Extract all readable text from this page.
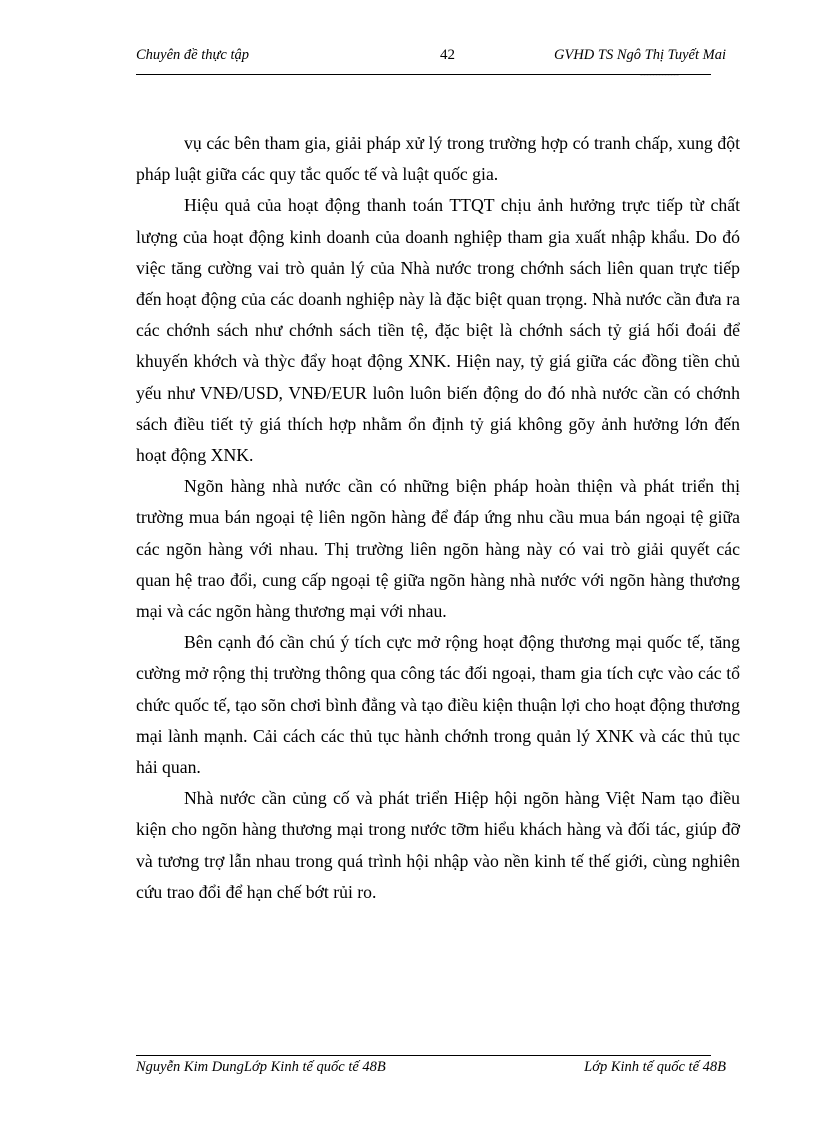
Chuyên đề thực tập	42	GVHD TS Ngô Thị Tuyết Mai
-------------

vụ các bên tham gia, giải pháp xử lý trong trường hợp có tranh chấp, xung đột pháp luật giữa các quy tắc quốc tế và luật quốc gia.

Hiệu quả của hoạt động thanh toán TTQT chịu ảnh hưởng trực tiếp từ chất lượng của hoạt động kinh doanh của doanh nghiệp tham gia xuất nhập khẩu. Do đó việc tăng cường vai trò quản lý của Nhà nước trong chớnh sách liên quan trực tiếp đến hoạt động của các doanh nghiệp này là đặc biệt quan trọng. Nhà nước cần đưa ra các chớnh sách như chớnh sách tiền tệ, đặc biệt là chớnh sách tỷ giá hối đoái để khuyến khớch và thỳc đẩy hoạt động XNK. Hiện nay, tỷ giá giữa các đồng tiền chủ yếu như VNĐ/USD, VNĐ/EUR luôn luôn biến động do đó nhà nước cần có chớnh sách điều tiết tỷ giá thích hợp nhằm ổn định tỷ giá không gõy ảnh hưởng lớn đến hoạt động XNK.

Ngõn hàng nhà nước cần có những biện pháp hoàn thiện và phát triển thị trường mua bán ngoại tệ liên ngõn hàng để đáp ứng nhu cầu mua bán ngoại tệ giữa các ngõn hàng với nhau. Thị trường liên ngõn hàng này có vai trò giải quyết các quan hệ trao đổi, cung cấp ngoại tệ giữa ngõn hàng nhà nước với ngõn hàng thương mại và các ngõn hàng thương mại với nhau.

Bên cạnh đó cần chú ý tích cực mở rộng hoạt động thương mại quốc tế, tăng cường mở rộng thị trường thông qua công tác đối ngoại, tham gia tích cực vào các tổ chức quốc tế, tạo sõn chơi bình đẳng và tạo điều kiện thuận lợi cho hoạt động thương mại lành mạnh. Cải cách các thủ tục hành chớnh trong quản lý XNK và các thủ tục hải quan.

Nhà nước cần củng cố và phát triển Hiệp hội ngõn hàng Việt Nam tạo điều kiện cho ngõn hàng thương mại trong nước tỡm hiểu khách hàng và đối tác, giúp đỡ và tương trợ lẫn nhau trong quá trình hội nhập vào nền kinh tế thế giới, cùng nghiên cứu trao đổi để hạn chế bớt rủi ro.

Nguyễn Kim DungLớp Kinh tế quốc tế 48B	Lớp Kinh tế quốc tế 48B
